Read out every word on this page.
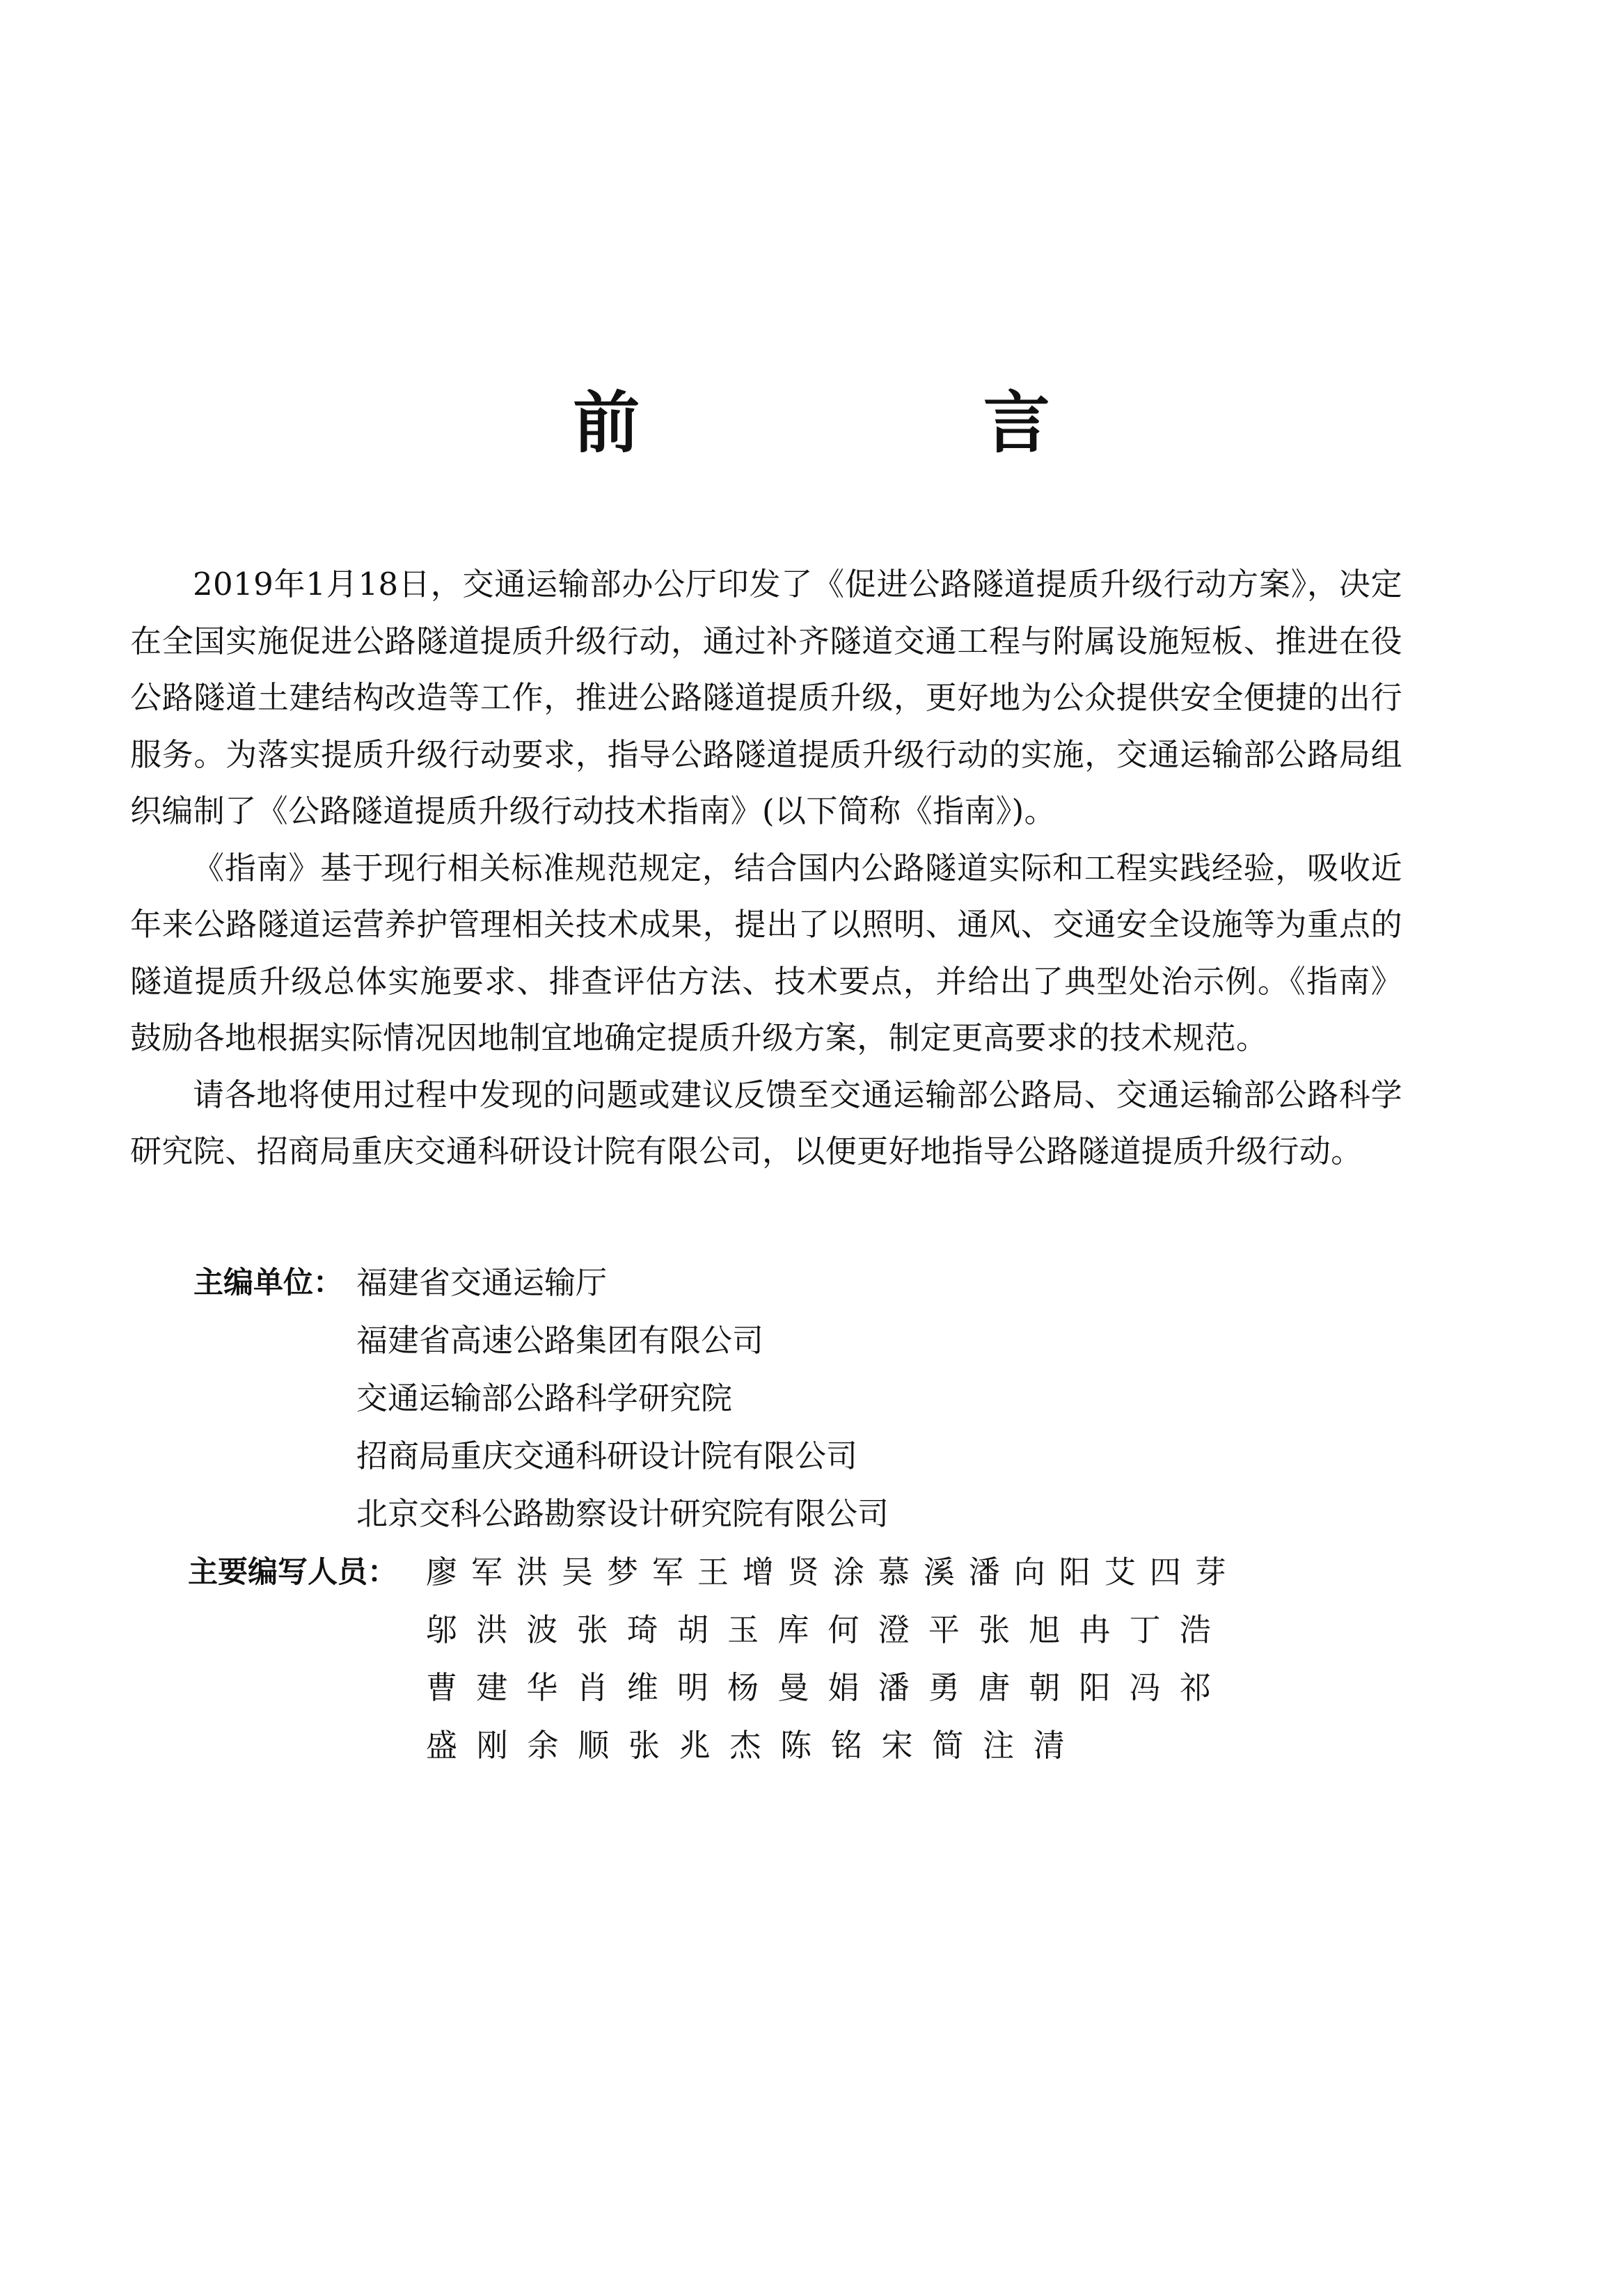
前 言

2019年1月18日，交通运输部办公厅印发了《促进公路隧道提质升级行动方案》，决定在全国实施促进公路隧道提质升级行动，通过补齐隧道交通工程与附属设施短板、推进在役公路隧道土建结构改造等工作，推进公路隧道提质升级，更好地为公众提供安全便捷的出行服务。为落实提质升级行动要求，指导公路隧道提质升级行动的实施，交通运输部公路局组织编制了《公路隧道提质升级行动技术指南》(以下简称《指南》)。

《指南》基于现行相关标准规范规定，结合国内公路隧道实际和工程实践经验，吸收近年来公路隧道运营养护管理相关技术成果，提出了以照明、通风、交通安全设施等为重点的隧道提质升级总体实施要求、排查评估方法、技术要点，并给出了典型处治示例。《指南》鼓励各地根据实际情况因地制宜地确定提质升级方案，制定更高要求的技术规范。

请各地将使用过程中发现的问题或建议反馈至交通运输部公路局、交通运输部公路科学研究院、招商局重庆交通科研设计院有限公司，以便更好地指导公路隧道提质升级行动。

主编单位： 福建省交通运输厅
福建省高速公路集团有限公司
交通运输部公路科学研究院
招商局重庆交通科研设计院有限公司
北京交科公路勘察设计研究院有限公司
主要编写人员： 廖 军 洪 吴 梦 军 王 增 贤 涂 慕 溪 潘 向 阳 艾 四 芽
邬 洪 波 张 琦 胡 玉 库 何 澄 平 张 旭 冉 丁 浩
曹 建 华 肖 维 明 杨 曼 娟 潘 勇 唐 朝 阳 冯 祁
盛 刚 余 顺 张 兆 杰 陈 铭 宋 简 注 清
